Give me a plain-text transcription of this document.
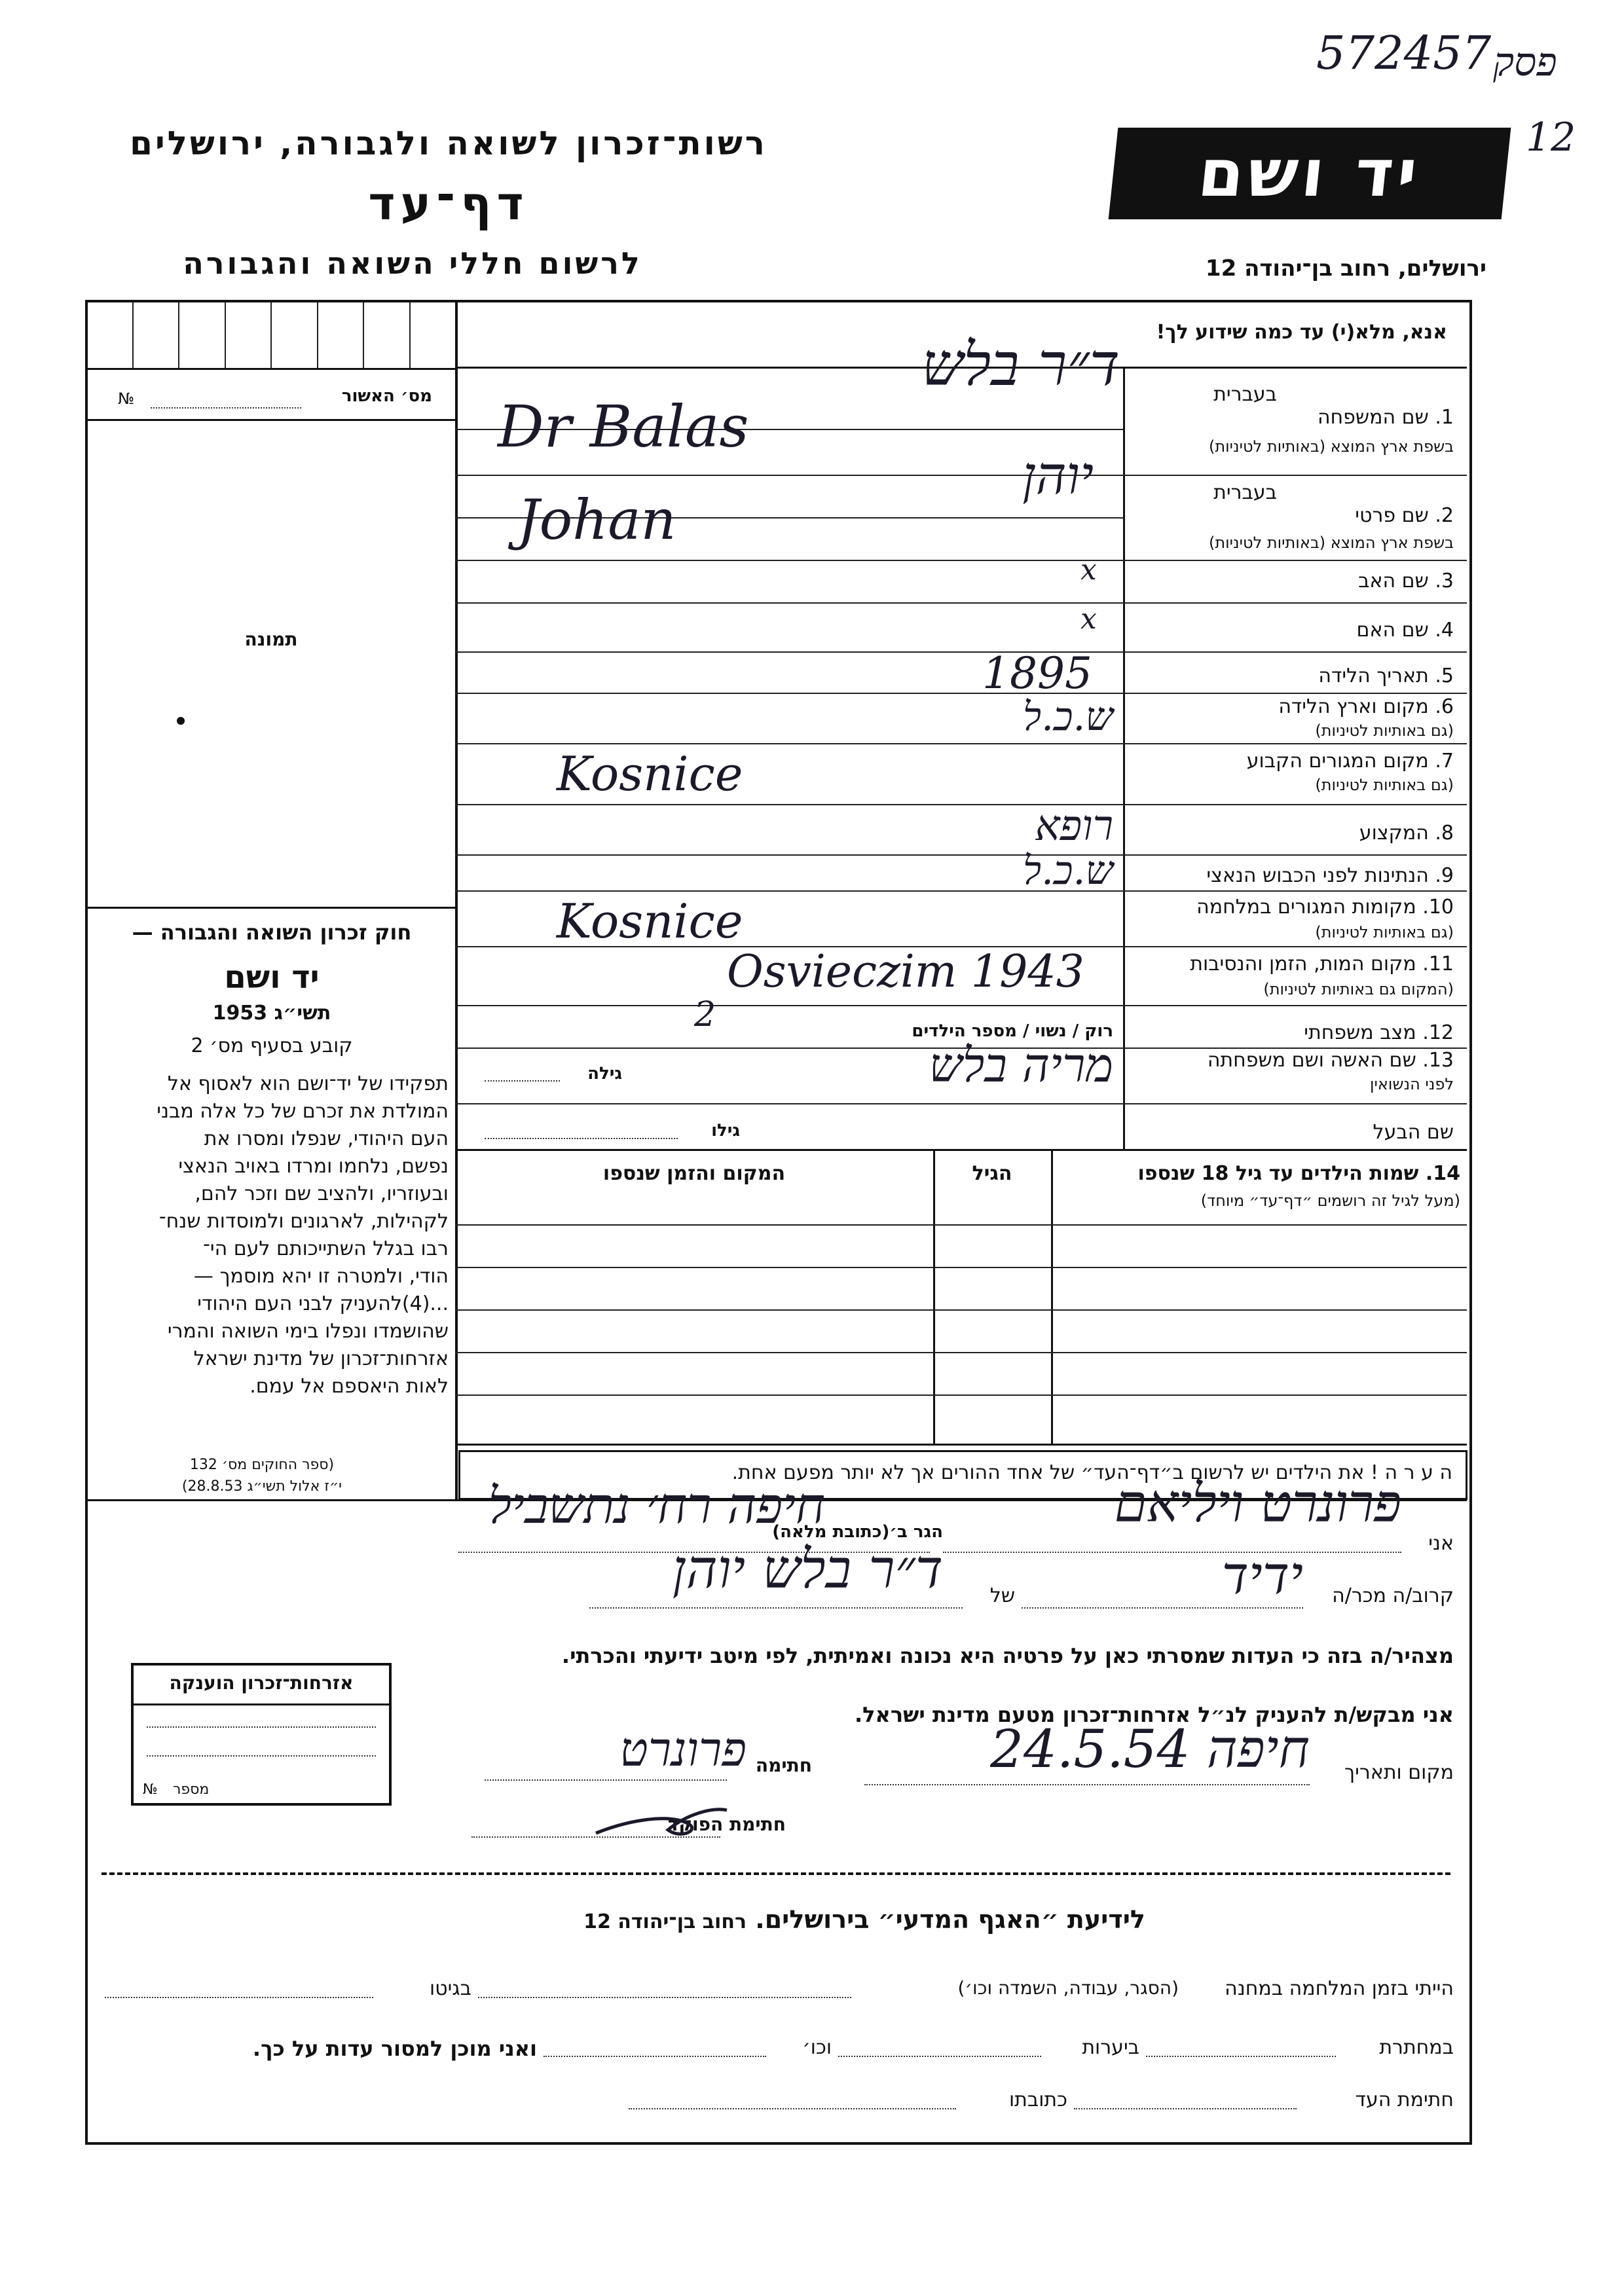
572457 פסק
12
רשות־זכרון לשואה ולגבורה, ירושלים
דף־עד
לרשום חללי השואה והגבורה
יד ושם
ירושלים, רחוב בן־יהודה 12
№	מס׳ האשור
תמונה
חוק זכרון השואה והגבורה —
יד ושם
תשי״ג 1953
קובע בסעיף מס׳ 2
תפקידו של יד־ושם הוא לאסוף אל
המולדת את זכרם של כל אלה מבני
העם היהודי, שנפלו ומסרו את
נפשם, נלחמו ומרדו באויב הנאצי
ובעוזריו, ולהציב שם וזכר להם,
לקהילות, לארגונים ולמוסדות שנח־
רבו בגלל השתייכותם לעם הי־
הודי, ולמטרה זו יהא מוסמך —
...(4)להעניק לבני העם היהודי
שהושמדו ונפלו בימי השואה והמרי
אזרחות־זכרון של מדינת ישראל
לאות היאספם אל עמם.
(ספר החוקים מס׳ 132
י״ז אלול תשי״ג 28.8.53)
אזרחות־זכרון הוענקה
№ מספר
אנא, מלא(י) עד כמה שידוע לך!
1. שם המשפחה
בשפת ארץ המוצא (באותיות לטיניות)
בעברית
ד״ר בלש
Dr Balas
בעברית
2. שם פרטי
בשפת ארץ המוצא (באותיות לטיניות)
יוהן
Johan
3. שם האב
x
4. שם האם
x
5. תאריך הלידה
1895
6. מקום וארץ הלידה
(גם באותיות לטיניות)
ש.כ.ל
7. מקום המגורים הקבוע
(גם באותיות לטיניות)
Kosnice
8. המקצוע
רופא
9. הנתינות לפני הכבוש הנאצי
ש.כ.ל
10. מקומות המגורים במלחמה
(גם באותיות לטיניות)
Kosnice
11. מקום המות, הזמן והנסיבות
(המקום גם באותיות לטיניות)
Osvieczim 1943
12. מצב משפחתי
רוק / נשוי / מספר הילדים
2
13. שם האשה ושם משפחתה
לפני הנשואין
מריה בלש
גילה
שם הבעל
גילו
14. שמות הילדים עד גיל 18 שנספו
(מעל לגיל זה רושמים ״דף־עד״ מיוחד)
הגיל
המקום והזמן שנספו
ה ע ר ה ! את הילדים יש לרשום ב״דף־העד״ של אחד ההורים אך לא יותר מפעם אחת.
אני
פרונרט ויליאם
הגר ב׳(כתובת מלאה)
חיפה רח׳ נתשביל
קרוב/ה מכר/ה
ידיד
של
ד״ר בלש יוהן
מצהיר/ה בזה כי העדות שמסרתי כאן על פרטיה היא נכונה ואמיתית, לפי מיטב ידיעתי והכרתי.
אני מבקש/ת להעניק לנ״ל אזרחות־זכרון מטעם מדינת ישראל.
מקום ותאריך
חיפה 24.5.54
חתימה
פרונרט
חתימת הפוקד
לידיעת ״האגף המדעי״ בירושלים. רחוב בן־יהודה 12
הייתי בזמן המלחמה במחנה
(הסגר, עבודה, השמדה וכו׳)
בגיטו
במחתרת
ביערות
וכו׳
ואני מוכן למסור עדות על כך.
חתימת העד
כתובתו
